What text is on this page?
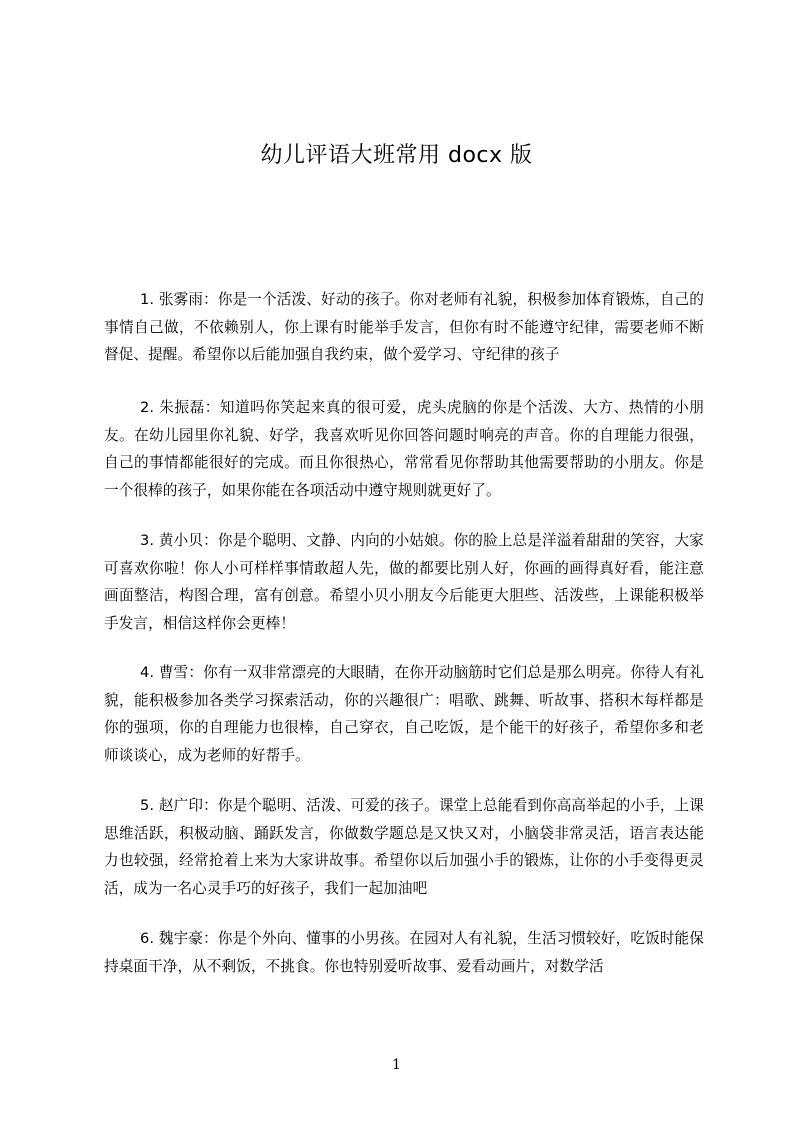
幼儿评语大班常用 docx 版
1. 张雾雨：你是一个活泼、好动的孩子。你对老师有礼貌，积极参加体育锻炼，自己的事情自己做，不依赖别人，你上课有时能举手发言，但你有时不能遵守纪律，需要老师不断督促、提醒。希望你以后能加强自我约束，做个爱学习、守纪律的孩子
2. 朱振磊：知道吗你笑起来真的很可爱，虎头虎脑的你是个活泼、大方、热情的小朋友。在幼儿园里你礼貌、好学，我喜欢听见你回答问题时响亮的声音。你的自理能力很强，自己的事情都能很好的完成。而且你很热心，常常看见你帮助其他需要帮助的小朋友。你是一个很棒的孩子，如果你能在各项活动中遵守规则就更好了。
3. 黄小贝：你是个聪明、文静、内向的小姑娘。你的脸上总是洋溢着甜甜的笑容，大家可喜欢你啦！你人小可样样事情敢超人先，做的都要比别人好，你画的画得真好看，能注意画面整洁，构图合理，富有创意。希望小贝小朋友今后能更大胆些、活泼些，上课能积极举手发言，相信这样你会更棒！
4. 曹雪：你有一双非常漂亮的大眼睛，在你开动脑筋时它们总是那么明亮。你待人有礼貌，能积极参加各类学习探索活动，你的兴趣很广：唱歌、跳舞、听故事、搭积木每样都是你的强项，你的自理能力也很棒，自己穿衣，自己吃饭，是个能干的好孩子，希望你多和老师谈谈心，成为老师的好帮手。
5. 赵广印：你是个聪明、活泼、可爱的孩子。课堂上总能看到你高高举起的小手，上课思维活跃，积极动脑、踊跃发言，你做数学题总是又快又对，小脑袋非常灵活，语言表达能力也较强，经常抢着上来为大家讲故事。希望你以后加强小手的锻炼，让你的小手变得更灵活，成为一名心灵手巧的好孩子，我们一起加油吧
6. 魏宇豪：你是个外向、懂事的小男孩。在园对人有礼貌，生活习惯较好，吃饭时能保持桌面干净，从不剩饭，不挑食。你也特别爱听故事、爱看动画片，对数学活
1
